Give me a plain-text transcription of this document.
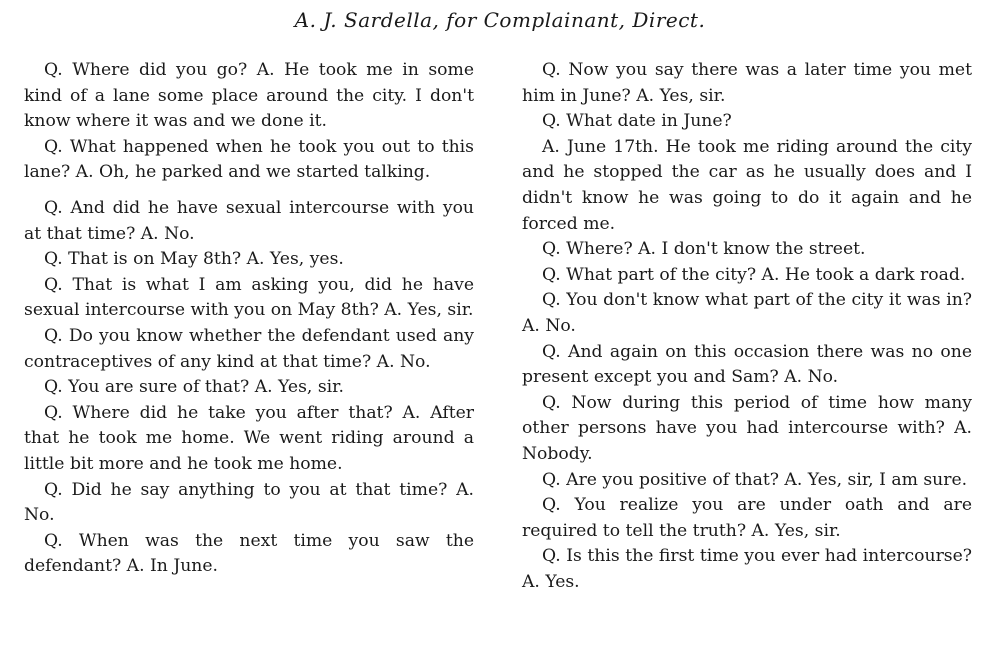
A. J. Sardella, for Complainant, Direct.

Q. Where did you go? A. He took me in some kind of a lane some place around the city. I don't know where it was and we done it.

Q. What happened when he took you out to this lane? A. Oh, he parked and we started talking.

Q. And did he have sexual intercourse with you at that time? A. No.

Q. That is on May 8th? A. Yes, yes.

Q. That is what I am asking you, did he have sexual intercourse with you on May 8th? A. Yes, sir.

Q. Do you know whether the defendant used any contraceptives of any kind at that time? A. No.

Q. You are sure of that? A. Yes, sir.

Q. Where did he take you after that? A. After that he took me home. We went riding around a little bit more and he took me home.

Q. Did he say anything to you at that time? A. No.

Q. When was the next time you saw the defendant? A. In June.

Q. Now you say there was a later time you met him in June? A. Yes, sir.

Q. What date in June?

A. June 17th. He took me riding around the city and he stopped the car as he usually does and I didn't know he was going to do it again and he forced me.

Q. Where? A. I don't know the street.

Q. What part of the city? A. He took a dark road.

Q. You don't know what part of the city it was in? A. No.

Q. And again on this occasion there was no one present except you and Sam? A. No.

Q. Now during this period of time how many other persons have you had intercourse with? A. Nobody.

Q. Are you positive of that? A. Yes, sir, I am sure.

Q. You realize you are under oath and are required to tell the truth? A. Yes, sir.

Q. Is this the first time you ever had intercourse? A. Yes.
